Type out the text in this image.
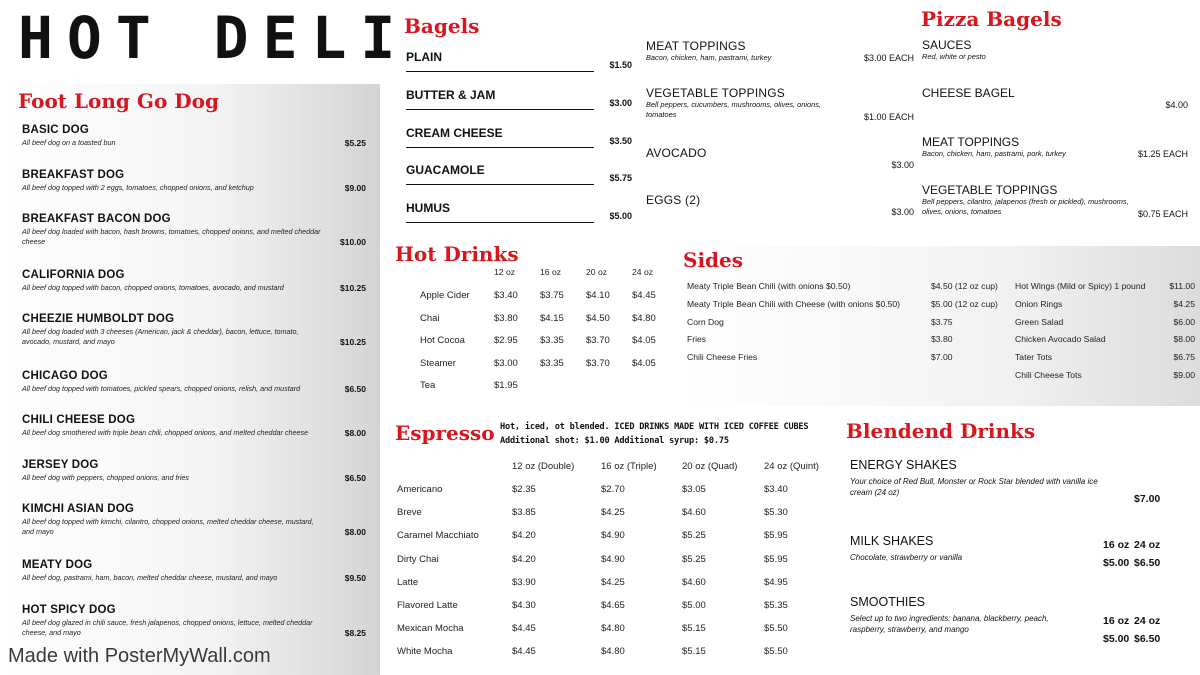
HOT DELI
Foot Long Go Dog
BASIC DOG
All beef dog on a toasted bun	$5.25
BREAKFAST DOG
All beef dog topped with 2 eggs, tomatoes, chopped onions, and ketchup	$9.00
BREAKFAST BACON DOG
All beef dog loaded with bacon, hash browns, tomatoes, chopped onions, and melted cheddar cheese	$10.00
CALIFORNIA DOG
All beef dog topped with bacon, chopped onions, tomatoes, avocado, and mustard	$10.25
CHEEZIE HUMBOLDT DOG
All beef dog loaded with 3 cheeses (American, jack & cheddar), bacon, lettuce, tomato, avocado, mustard, and mayo	$10.25
CHICAGO DOG
All beef dog topped with tomatoes, pickled spears, chopped onions, relish, and mustard	$6.50
CHILI CHEESE DOG
All beef dog smothered with triple bean chili, chopped onions, and melted cheddar cheese	$8.00
JERSEY DOG
All beef dog with peppers, chopped onions, and fries	$6.50
KIMCHI ASIAN DOG
All beef dog topped with kimchi, cilantro, chopped onions, melted cheddar cheese, mustard, and mayo	$8.00
MEATY DOG
All beef dog, pastrami, ham, bacon, melted cheddar cheese, mustard, and mayo	$9.50
HOT SPICY DOG
All beef dog glazed in chili sauce, fresh jalapenos, chopped onions, lettuce, melted cheddar cheese, and mayo	$8.25
Bagels
PLAIN
$1.50
BUTTER & JAM
$3.00
CREAM CHEESE
$3.50
GUACAMOLE
$5.75
HUMUS
$5.00
MEAT TOPPINGS
Bacon, chicken, ham, pastrami, turkey	$3.00 EACH
VEGETABLE TOPPINGS
Bell peppers, cucumbers, mushrooms, olives, onions, tomatoes	$1.00 EACH
AVOCADO
$3.00
EGGS (2)
$3.00
Pizza Bagels
SAUCES
Red, white or pesto
CHEESE BAGEL
$4.00
MEAT TOPPINGS
Bacon, chicken, ham, pastrami, pork, turkey	$1.25 EACH
VEGETABLE TOPPINGS
Bell peppers, cilantro, jalapenos (fresh or pickled), mushrooms, olives, onions, tomatoes	$0.75 EACH
Hot Drinks
12 oz	16 oz	20 oz	24 oz
Apple Cider	$3.40 $3.75 $4.10 $4.45
Chai	$3.80 $4.15 $4.50 $4.80
Hot Cocoa	$2.95 $3.35 $3.70 $4.05
Steamer	$3.00 $3.35 $3.70 $4.05
Tea	$1.95
Sides
Meaty Triple Bean Chili (with onions $0.50)	$4.50 (12 oz cup)
Meaty Triple Bean Chili with Cheese (with onions $0.50)	$5.00 (12 oz cup)
Corn Dog	$3.75
Fries	$3.80
Chili Cheese Fries	$7.00
Hot Wings (Mild or Spicy) 1 pound	$11.00
Onion Rings	$4.25
Green Salad	$6.00
Chicken Avocado Salad	$8.00
Tater Tots	$6.75
Chili Cheese Tots	$9.00
Espresso Hot, iced, ot blended. ICED DRINKS MADE WITH ICED COFFEE CUBES
Additional shot: $1.00 Additional syrup: $0.75
12 oz (Double)	16 oz (Triple)	20 oz (Quad)	24 oz (Quint)
Americano	$2.35	$2.70	$3.05	$3.40
Breve	$3.85	$4.25	$4.60	$5.30
Caramel Macchiato	$4.20	$4.90	$5.25	$5.95
Dirty Chai	$4.20	$4.90	$5.25	$5.95
Latte	$3.90	$4.25	$4.60	$4.95
Flavored Latte	$4.30	$4.65	$5.00	$5.35
Mexican Mocha	$4.45	$4.80	$5.15	$5.50
White Mocha	$4.45	$4.80	$5.15	$5.50
Blendend Drinks
ENERGY SHAKES
Your choice of Red Bull, Monster or Rock Star blended with vanilla ice cream (24 oz)
$7.00
MILK SHAKES
Chocolate, strawberry or vanilla
16 oz 24 oz
$5.00 $6.50
SMOOTHIES
Select up to two ingredients: banana, blackberry, peach, raspberry, strawberry, and mango
16 oz 24 oz
$5.00 $6.50
Made with PosterMyWall.com
